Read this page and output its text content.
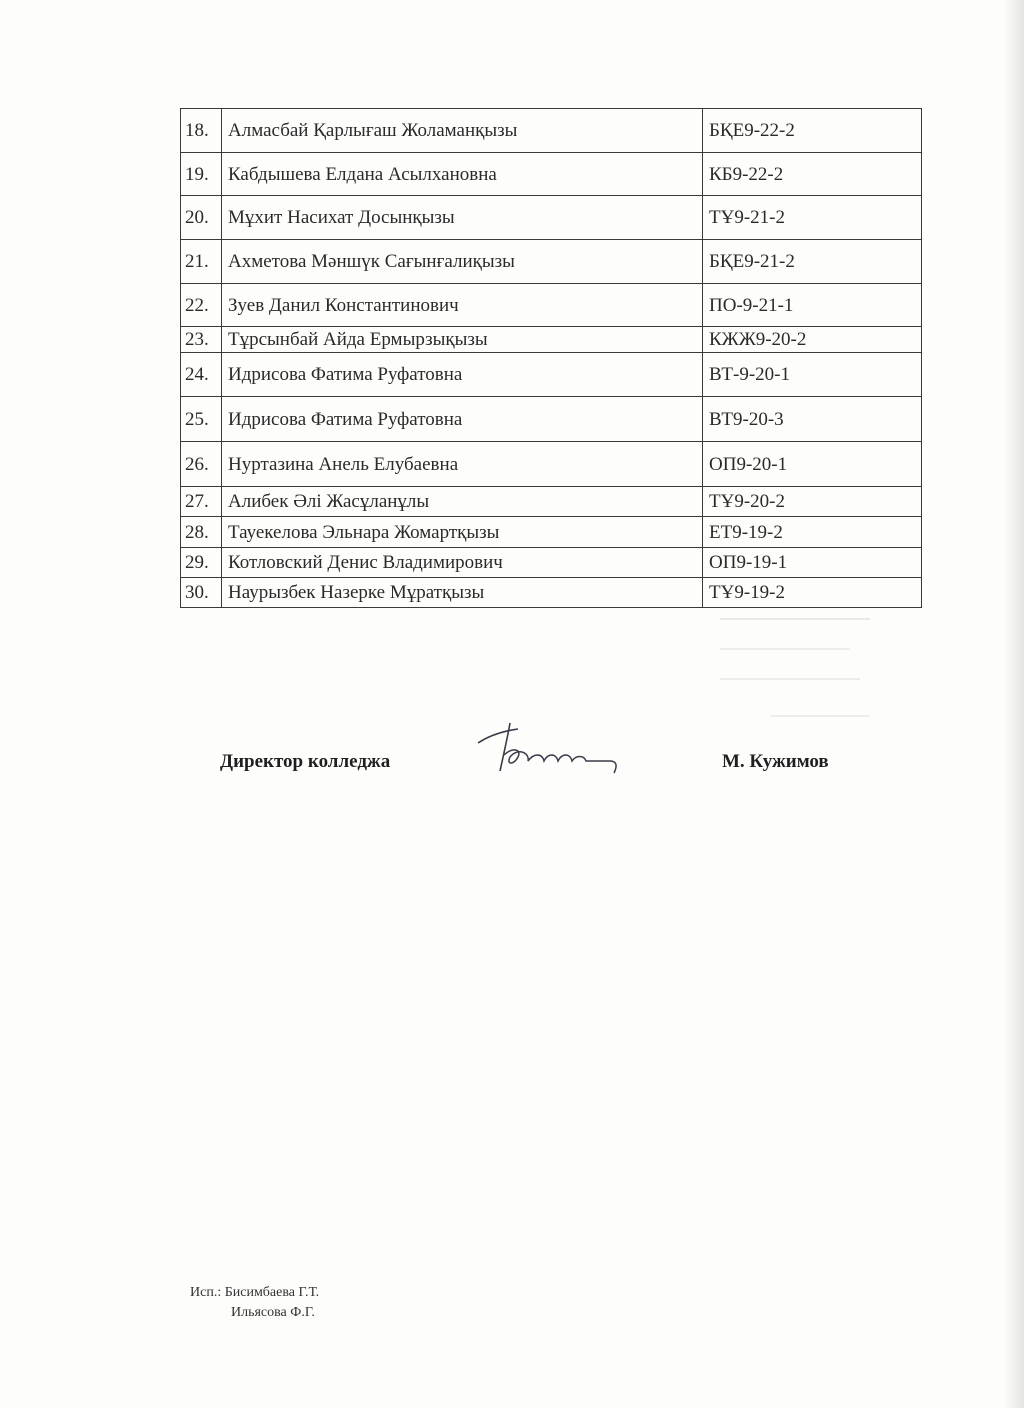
18.	Алмасбай Қарлығаш Жоламанқызы	БҚЕ9-22-2
19.	Кабдышева Елдана Асылхановна	КБ9-22-2
20.	Мұхит Насихат Досынқызы	ТҰ9-21-2
21.	Ахметова Мәншүк Сағынғалиқызы	БҚЕ9-21-2
22.	Зуев Данил Константинович	ПО-9-21-1
23.	Тұрсынбай Айда Ермырзықызы	КЖЖ9-20-2
24.	Идрисова Фатима Руфатовна	ВТ-9-20-1
25.	Идрисова Фатима Руфатовна	ВТ9-20-3
26.	Нуртазина Анель Елубаевна	ОП9-20-1
27.	Алибек Әлі Жасұланұлы	ТҰ9-20-2
28.	Тауекелова Эльнара Жомартқызы	ЕТ9-19-2
29.	Котловский Денис Владимирович	ОП9-19-1
30.	Наурызбек Назерке Мұратқызы	ТҰ9-19-2
Директор колледжа	М. Кужимов
Исп.: Бисимбаева Г.Т.
Ильясова Ф.Г.
